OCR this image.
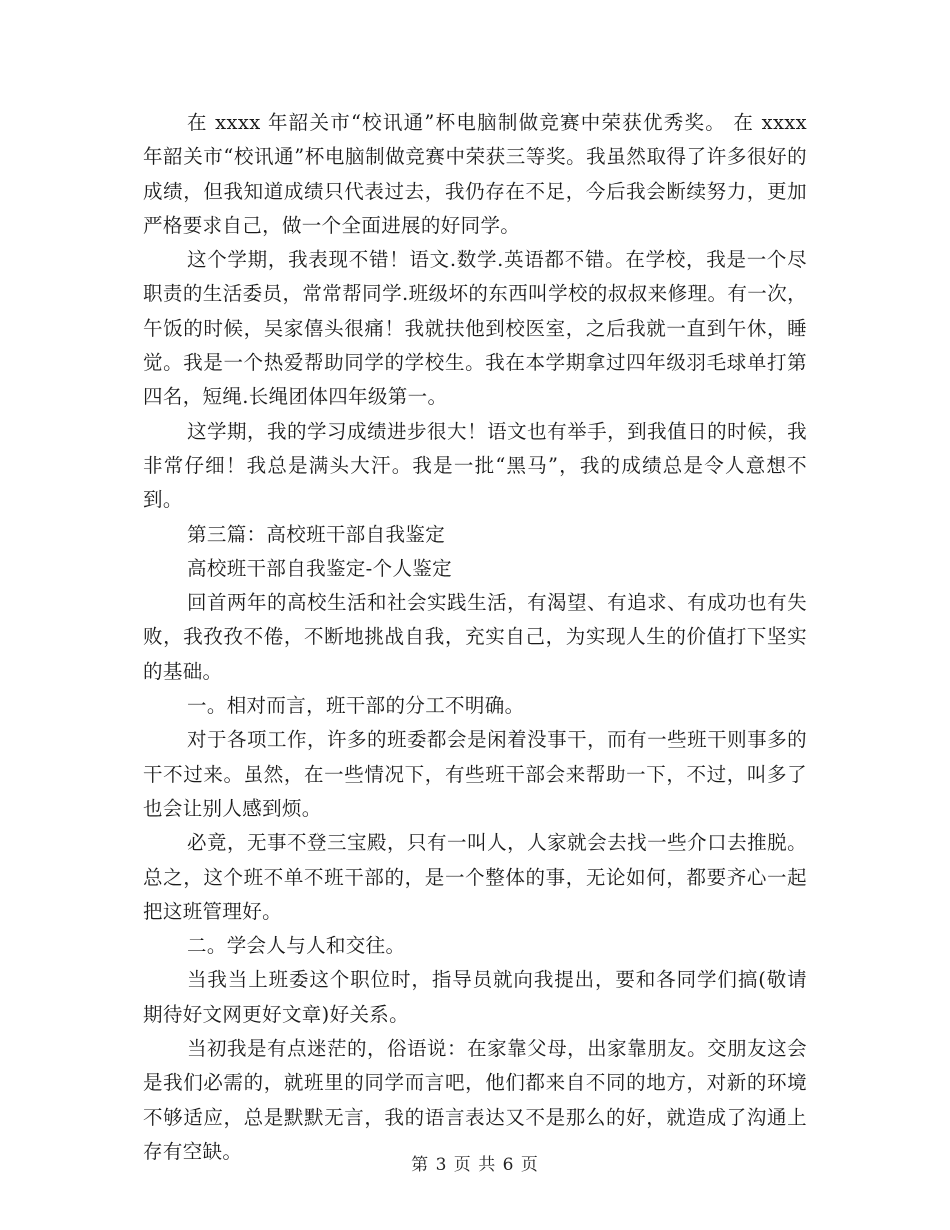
在 xxxx 年韶关市“校讯通”杯电脑制做竞赛中荣获优秀奖。 在 xxxx 年韶关市“校讯通”杯电脑制做竞赛中荣获三等奖。我虽然取得了许多很好的成绩，但我知道成绩只代表过去，我仍存在不足，今后我会断续努力，更加严格要求自己，做一个全面进展的好同学。

这个学期，我表现不错！语文.数学.英语都不错。在学校，我是一个尽职责的生活委员，常常帮同学.班级坏的东西叫学校的叔叔来修理。有一次，午饭的时候，吴家僖头很痛！我就扶他到校医室，之后我就一直到午休，睡觉。我是一个热爱帮助同学的学校生。我在本学期拿过四年级羽毛球单打第四名，短绳.长绳团体四年级第一。

这学期，我的学习成绩进步很大！语文也有举手，到我值日的时候，我非常仔细！我总是满头大汗。我是一批“黑马”，我的成绩总是令人意想不到。

第三篇：高校班干部自我鉴定

高校班干部自我鉴定-个人鉴定

回首两年的高校生活和社会实践生活，有渴望、有追求、有成功也有失败，我孜孜不倦，不断地挑战自我，充实自己，为实现人生的价值打下坚实的基础。

一。相对而言，班干部的分工不明确。

对于各项工作，许多的班委都会是闲着没事干，而有一些班干则事多的干不过来。虽然，在一些情况下，有些班干部会来帮助一下，不过，叫多了也会让别人感到烦。

必竟，无事不登三宝殿，只有一叫人，人家就会去找一些介口去推脱。总之，这个班不单不班干部的，是一个整体的事，无论如何，都要齐心一起把这班管理好。

二。学会人与人和交往。

当我当上班委这个职位时，指导员就向我提出，要和各同学们搞(敬请期待好文网更好文章)好关系。

当初我是有点迷茫的，俗语说：在家靠父母，出家靠朋友。交朋友这会是我们必需的，就班里的同学而言吧，他们都来自不同的地方，对新的环境不够适应，总是默默无言，我的语言表达又不是那么的好，就造成了沟通上存有空缺。

第 3 页 共 6 页
